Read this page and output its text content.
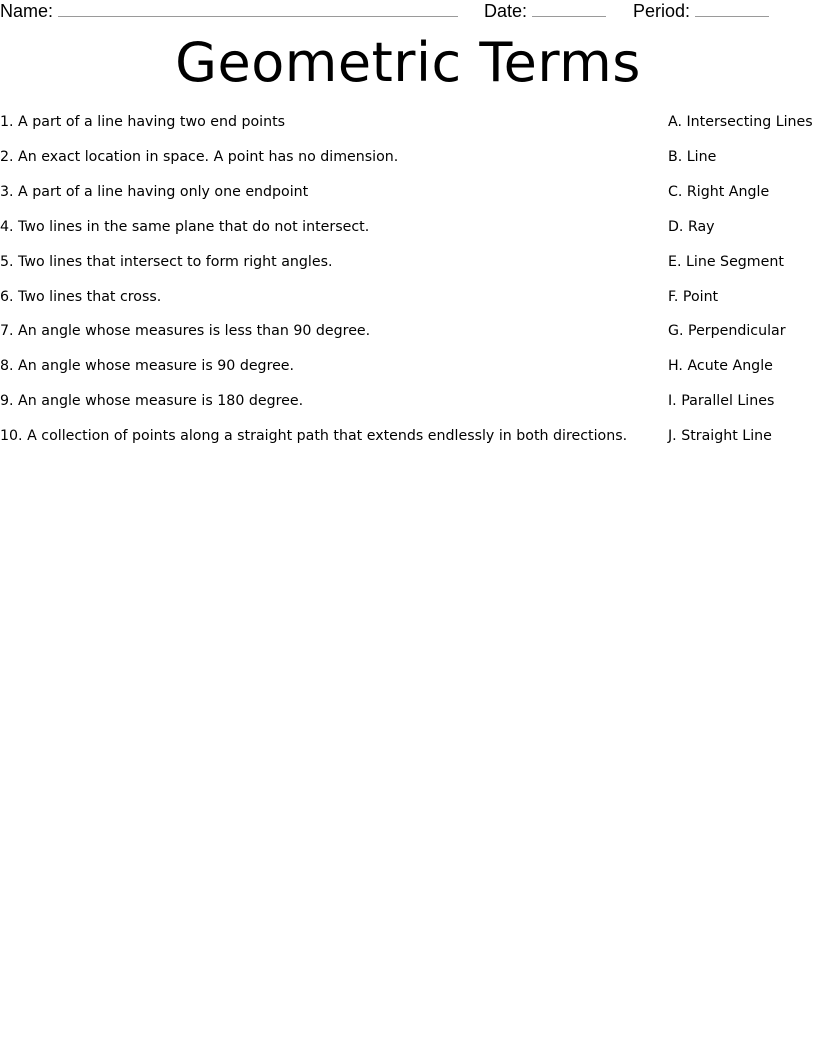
Name:	Date:	Period:
Geometric Terms
1. A part of a line having two end points	A. Intersecting Lines
2. An exact location in space. A point has no dimension.	B. Line
3. A part of a line having only one endpoint	C. Right Angle
4. Two lines in the same plane that do not intersect.	D. Ray
5. Two lines that intersect to form right angles.	E. Line Segment
6. Two lines that cross.	F. Point
7. An angle whose measures is less than 90 degree.	G. Perpendicular
8. An angle whose measure is 90 degree.	H. Acute Angle
9. An angle whose measure is 180 degree.	I. Parallel Lines
10. A collection of points along a straight path that extends endlessly in both directions.	J. Straight Line
